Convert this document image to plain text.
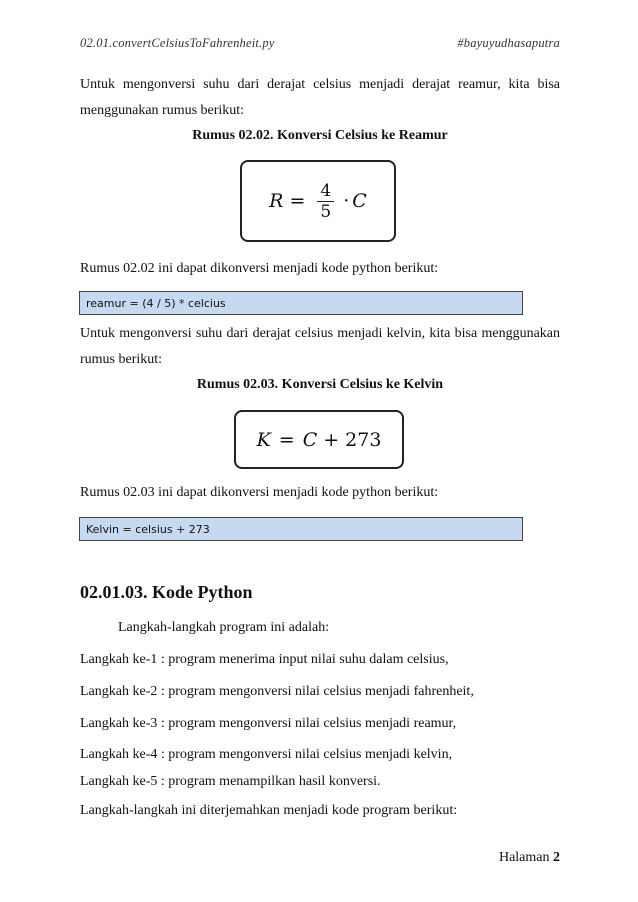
02.01.convertCelsiusToFahrenheit.py	#bayuyudhasaputra
Untuk mengonversi suhu dari derajat celsius menjadi derajat reamur, kita bisa menggunakan rumus berikut:
Rumus 02.02. Konversi Celsius ke Reamur
$R = \frac{4}{5} \cdot C$
Rumus 02.02 ini dapat dikonversi menjadi kode python berikut:
reamur = (4 / 5) * celcius
Untuk mengonversi suhu dari derajat celsius menjadi kelvin, kita bisa menggunakan rumus berikut:
Rumus 02.03. Konversi Celsius ke Kelvin
K = C + 273
Rumus 02.03 ini dapat dikonversi menjadi kode python berikut:
Kelvin = celsius + 273
02.01.03. Kode Python
Langkah-langkah program ini adalah:
Langkah ke-1 : program menerima input nilai suhu dalam celsius,
Langkah ke-2 : program mengonversi nilai celsius menjadi fahrenheit,
Langkah ke-3 : program mengonversi nilai celsius menjadi reamur,
Langkah ke-4 : program mengonversi nilai celsius menjadi kelvin,
Langkah ke-5 : program menampilkan hasil konversi.
Langkah-langkah ini diterjemahkan menjadi kode program berikut:
Halaman 2
